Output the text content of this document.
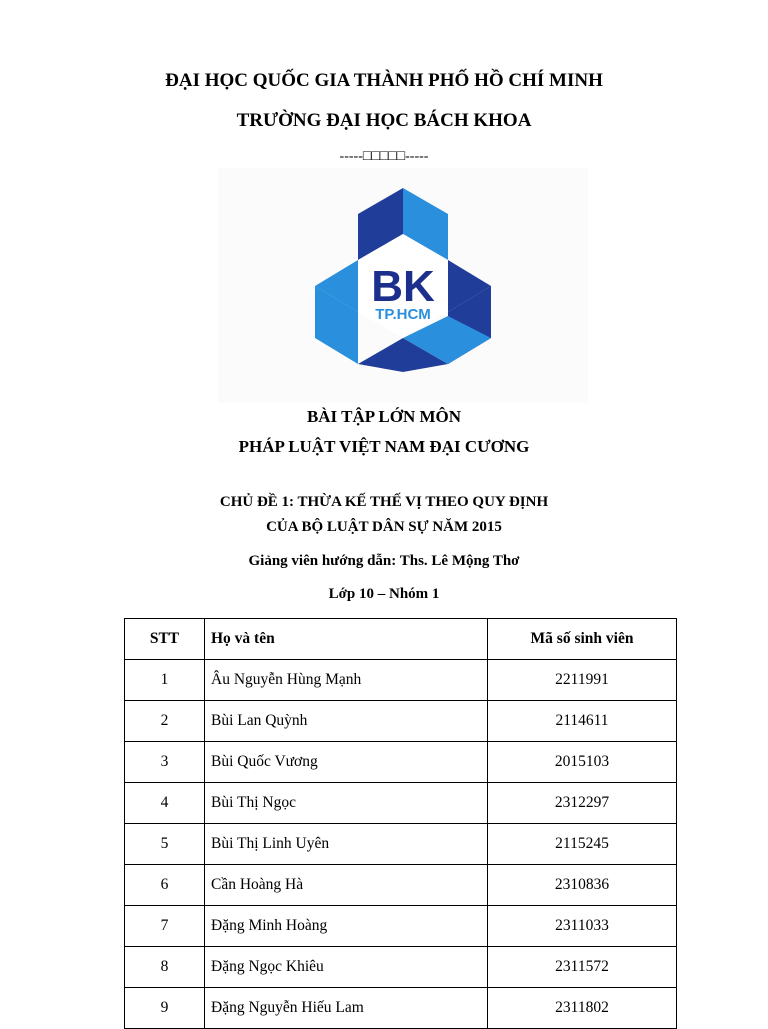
ĐẠI HỌC QUỐC GIA THÀNH PHỐ HỒ CHÍ MINH
TRƯỜNG ĐẠI HỌC BÁCH KHOA
-----□□□□□-----
BK
TP.HCM
BÀI TẬP LỚN MÔN
PHÁP LUẬT VIỆT NAM ĐẠI CƯƠNG
CHỦ ĐỀ 1: THỪA KẾ THẾ VỊ THEO QUY ĐỊNH
CỦA BỘ LUẬT DÂN SỰ NĂM 2015
Giảng viên hướng dẫn: Ths. Lê Mộng Thơ
Lớp 10 – Nhóm 1
STT	Họ và tên	Mã số sinh viên
1	Âu Nguyễn Hùng Mạnh	2211991
2	Bùi Lan Quỳnh	2114611
3	Bùi Quốc Vương	2015103
4	Bùi Thị Ngọc	2312297
5	Bùi Thị Linh Uyên	2115245
6	Cần Hoàng Hà	2310836
7	Đặng Minh Hoàng	2311033
8	Đặng Ngọc Khiêu	2311572
9	Đặng Nguyễn Hiếu Lam	2311802
